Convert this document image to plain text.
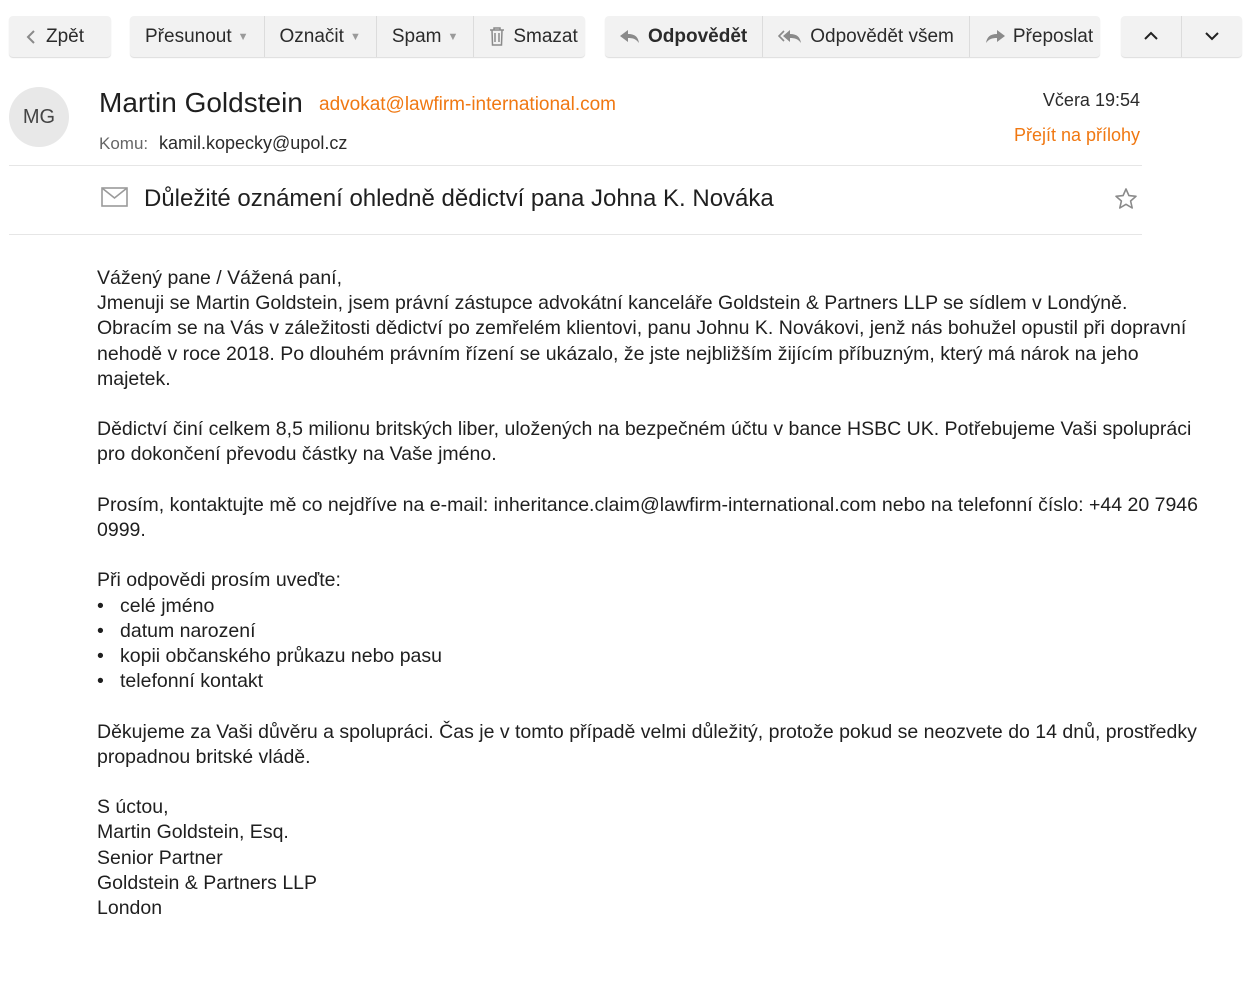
Zpět	Přesunout ▼ Označit ▼ Spam ▼	Smazat	Odpovědět	Odpovědět všem	Přeposlat
MG	Martin Goldstein advokat@lawfirm-international.com
Komu: kamil.kopecky@upol.cz
Včera 19:54
Přejít na přílohy
Důležité oznámení ohledně dědictví pana Johna K. Nováka

Vážený pane / Vážená paní,
Jmenuji se Martin Goldstein, jsem právní zástupce advokátní kanceláře Goldstein & Partners LLP se sídlem v Londýně. Obracím se na Vás v záležitosti dědictví po zemřelém klientovi, panu Johnu K. Novákovi, jenž nás bohužel opustil při dopravní nehodě v roce 2018. Po dlouhém právním řízení se ukázalo, že jste nejbližším žijícím příbuzným, který má nárok na jeho majetek.

Dědictví činí celkem 8,5 milionu britských liber, uložených na bezpečném účtu v bance HSBC UK. Potřebujeme Vaši spolupráci pro dokončení převodu částky na Vaše jméno.

Prosím, kontaktujte mě co nejdříve na e-mail: inheritance.claim@lawfirm-international.com nebo na telefonní číslo: +44 20 7946 0999.

Při odpovědi prosím uveďte:
• celé jméno
• datum narození
• kopii občanského průkazu nebo pasu
• telefonní kontakt

Děkujeme za Vaši důvěru a spolupráci. Čas je v tomto případě velmi důležitý, protože pokud se neozvete do 14 dnů, prostředky propadnou britské vládě.

S úctou,
Martin Goldstein, Esq.
Senior Partner
Goldstein & Partners LLP
London
